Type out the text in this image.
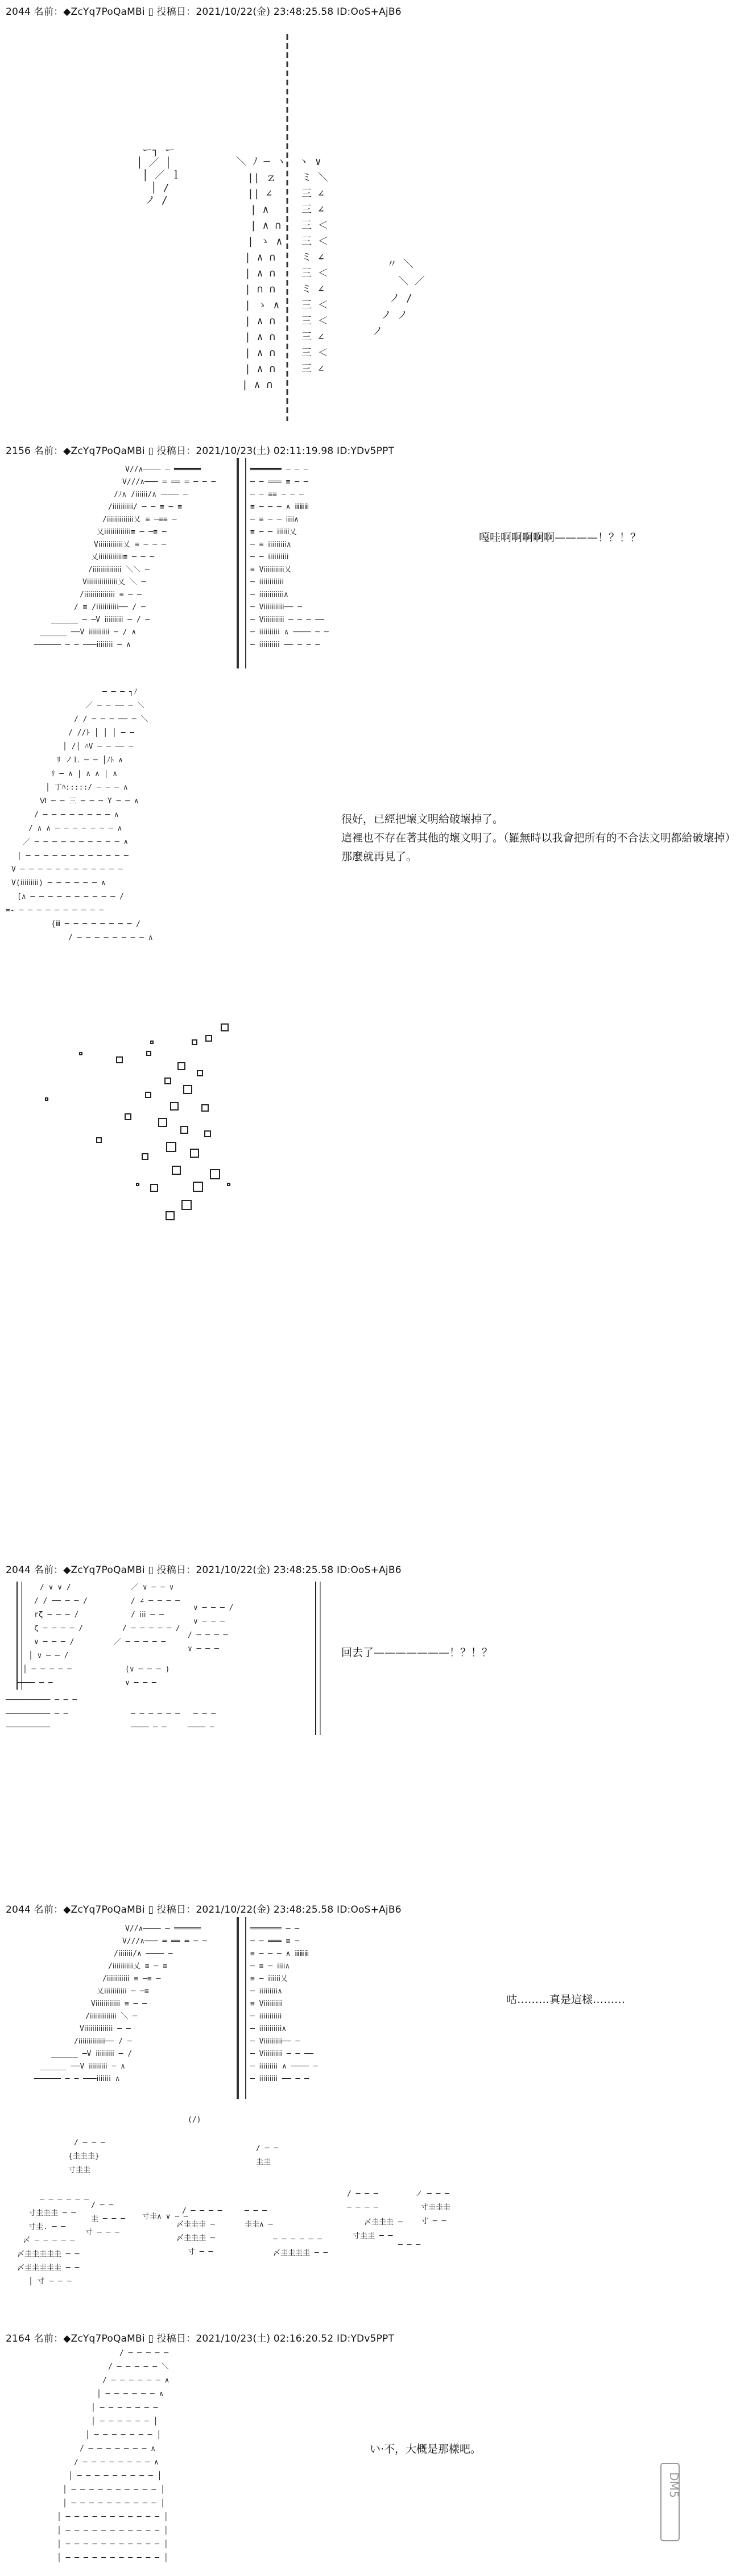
2044 名前：◆ZcYq7PoQaMBi ▯ 投稿日：2021/10/22(金) 23:48:25.58 ID:OoS+AjB6
2156 名前：◆ZcYq7PoQaMBi ▯ 投稿日：2021/10/23(土) 02:11:19.98 ID:YDv5PPT
2044 名前：◆ZcYq7PoQaMBi ▯ 投稿日：2021/10/22(金) 23:48:25.58 ID:OoS+AjB6
2044 名前：◆ZcYq7PoQaMBi ▯ 投稿日：2021/10/22(金) 23:48:25.58 ID:OoS+AjB6
2164 名前：◆ZcYq7PoQaMBi ▯ 投稿日：2021/10/23(土) 02:16:20.52 ID:YDv5PPT
ー┐ ー
│ ／ │
│ ／ ｌ
│ /
ノ /
＼ ﾉ ─ ヽ
|| ｚ
|| ∠
| ∧
| ∧ ∩
| ゝ ∧
| ∧ ∩
| ∧ ∩
| ∩ ∩
| ゝ ∧
| ∧ ∩
| ∧ ∩
| ∧ ∩
| ∧ ∩
| ∧ ∩
ヽ ∨
ミ ＼
三 ∠
三 ∠
三 ＜
三 ＜
ミ ∠
三 ＜
ミ ∠
三 ＜
三 ＜
三 ∠
三 ＜
三 ∠
〃 ＼
＼ ／
ノ /
ノ ノ
ノ
V//∧──── ─ ══════
V///∧─── ═ ══ ═ ─ ─ ─
/ﾉ∧ /ⅰⅰⅰⅰⅰⅰ/∧ ──── ─
/ⅰⅰⅰⅰⅰⅰⅰⅰⅰⅰ/ ─ ─ ≡ ─ ≡
/ⅰⅰⅰⅰⅰⅰⅰⅰⅰⅰⅰⅰⅰ乂 ≡ ─≡≡ ─
乂ⅰⅰⅰⅰⅰⅰⅰⅰⅰⅰⅰⅰⅰ≡ ─ ─≡ ─
Vⅰⅰⅰⅰⅰⅰⅰⅰⅰⅰⅰⅰ乂 ≡ ─ ─ ─
乂ⅰⅰⅰⅰⅰⅰⅰⅰⅰⅰⅰⅰ≡ ─ ─ ─
/ⅰⅰⅰⅰⅰⅰⅰⅰⅰⅰⅰⅰⅰⅰ ＼＼ ─
Vⅰⅰⅰⅰⅰⅰⅰⅰⅰⅰⅰⅰⅰⅰⅰ乂 ＼ ─
/ⅰⅰⅰⅰⅰⅰⅰⅰⅰⅰⅰⅰⅰⅰⅰ ≡ ─ ─
/ ≡ /ⅰⅰⅰⅰⅰⅰⅰⅰⅰⅰⅰ── / ─
______ ─ ─V ⅰⅰⅰⅰⅰⅰⅰⅰⅰ ─ / ─
______ ──V ⅰⅰⅰⅰⅰⅰⅰⅰⅰⅰ ─ / ∧
────── ─ ─ ───ⅰⅰⅰⅰⅰⅰⅰⅰ ─ ∧
═══════ ─ ─ ─
─ ─ ═══ ≡ ─ ─
─ ─ ≡≡ ─ ─ ─
≡ ─ ─ ─ ∧ ⅲⅲⅲ
─ ≡ ─ ─ ⅰⅰⅰⅰ∧
≡ ─ ─ ⅰⅰⅰⅰⅰⅰ乂
─ ≡ ⅰⅰⅰⅰⅰⅰⅰⅰⅰ∧
─ ─ ⅰⅰⅰⅰⅰⅰⅰⅰⅰⅰ
≡ Vⅰⅰⅰⅰⅰⅰⅰⅰⅰⅰ乂
─ ⅰⅰⅰⅰⅰⅰⅰⅰⅰⅰⅰⅰ
─ ⅰⅰⅰⅰⅰⅰⅰⅰⅰⅰⅰⅰ∧
─ Vⅰⅰⅰⅰⅰⅰⅰⅰⅰⅰ── ─
─ Vⅰⅰⅰⅰⅰⅰⅰⅰⅰⅰ ─ ─ ─ ──
─ ⅰⅰⅰⅰⅰⅰⅰⅰⅰⅰ ∧ ──── ─ ─
─ ⅰⅰⅰⅰⅰⅰⅰⅰⅰⅰ ── ─ ─ ─
嘎哇啊啊啊啊啊————！？！？
─ ─ ─ ┐ﾉ
／ ─ ─ ── ─ ＼
/ / ─ ─ ─ ── ─ ＼
/ //ﾄ │ │ │ ─ ─
│ /│ ﾊV ─ ─ ── ─
ﾘ ノＬ ─ ─ │ﾉﾄ ∧
ﾘ ─ ∧ | ∧ ∧ | ∧
│ 丁ﾊ:::::/ ─ ─ ─ ∧
Ⅵ ─ ─ 三 ─ ─ ─ Y ─ ─ ∧
/ ─ ─ ─ ─ ─ ─ ─ ─ ∧
/ ∧ ∧ ─ ─ ─ ─ ─ ─ ─ ∧
／ ─ ─ ─ ─ ─ ─ ─ ─ ─ ─ ∧
| ─ ─ ─ ─ ─ ─ ─ ─ ─ ─ ─ ─
V ─ ─ ─ ─ ─ ─ ─ ─ ─ ─ ─ ─
V(ⅰⅰⅰⅰⅰⅰⅰⅰⅰ) ─ ─ ─ ─ ─ ─ ∧
[∧ ─ ─ ─ ─ ─ ─ ─ ─ ─ ─ /
=- ─ ─ ─ ─ ─ ─ ─ ─ ─ ─
{ⅲ ─ ─ ─ ─ ─ ─ ─ ─ /
/ ─ ─ ─ ─ ─ ─ ─ ─ ∧
很好，已經把壞文明給破壞掉了。
這裡也不存在著其他的壞文明了。（羅無時以我會把所有的不合法文明都給破壞掉）
那麼就再見了。
/ ∨ ∨ /
/ / ── ─ ─ /
rζ ─ ─ ─ /
ζ ─ ─ ─ ─ /
∨ ─ ─ ─ /
│ ∨ ─ ─ /
│ ─ ─ ─ ─ ─
──── ─ ─
────────── ─ ─ ─
────────── ─ ─
──────────
／ ∨ ─ ─ ∨
/ ∠ ─ ─ ─ ─
/ ⅰⅰⅰ ─ ─
/ ─ ─ ─ ─ ─ /
／ ─ ─ ─ ─ ─
(∨ ─ ─ ─ )
∨ ─ ─ ─
─ ─ ─ ─ ─ ─
──── ─ ─
∨ ─ ─ ─ /
∨ ─ ─ ─
/ ─ ─ ─ ─
∨ ─ ─ ─
─ ─ ─
──── ─
回去了———————！？！？
V//∧──── ─ ══════
V///∧─── ═ ══ ═ ─ ─
/ⅰⅰⅰⅰⅰⅰⅰ/∧ ──── ─
/ⅰⅰⅰⅰⅰⅰⅰⅰⅰⅰ乂 ≡ ─ ≡
/ⅰⅰⅰⅰⅰⅰⅰⅰⅰⅰⅰ ≡ ─≡ ─
乂ⅰⅰⅰⅰⅰⅰⅰⅰⅰⅰⅰ ─ ─≡
Vⅰⅰⅰⅰⅰⅰⅰⅰⅰⅰⅰⅰ ≡ ─ ─
/ⅰⅰⅰⅰⅰⅰⅰⅰⅰⅰⅰⅰⅰ ＼ ─
Vⅰⅰⅰⅰⅰⅰⅰⅰⅰⅰⅰⅰⅰⅰ ─ ─
/ⅰⅰⅰⅰⅰⅰⅰⅰⅰⅰⅰⅰⅰ── / ─
______ ─V ⅰⅰⅰⅰⅰⅰⅰⅰⅰ ─ /
______ ──V ⅰⅰⅰⅰⅰⅰⅰⅰⅰ ─ ∧
────── ─ ─ ───ⅰⅰⅰⅰⅰⅰⅰ ∧
═══════ ─ ─
─ ─ ═══ ≡ ─
≡ ─ ─ ─ ∧ ⅲⅲⅲ
─ ≡ ─ ⅰⅰⅰⅰ∧
≡ ─ ⅰⅰⅰⅰⅰⅰ乂
─ ⅰⅰⅰⅰⅰⅰⅰⅰⅰ∧
≡ Vⅰⅰⅰⅰⅰⅰⅰⅰⅰ
─ ⅰⅰⅰⅰⅰⅰⅰⅰⅰⅰⅰ
─ ⅰⅰⅰⅰⅰⅰⅰⅰⅰⅰⅰ∧
─ Vⅰⅰⅰⅰⅰⅰⅰⅰⅰ── ─
─ Vⅰⅰⅰⅰⅰⅰⅰⅰⅰ ─ ─ ──
─ ⅰⅰⅰⅰⅰⅰⅰⅰⅰ ∧ ──── ─
─ ⅰⅰⅰⅰⅰⅰⅰⅰⅰ ── ─ ─
咕………真是這樣………
(/)
/ ─ ─ ─
{圭圭圭}
寸圭圭
/ ─ ─
圭圭
─ ─ ─ ─ ─ ─
寸圭圭圭 ─ ─
寸圭. ─ ─
〆 ─ ─ ─ ─ ─
〆圭圭圭圭圭 ─ ─
〆圭圭圭圭圭 ─ ─
│ 寸 ─ ─ ─
/ ─ ─
圭 ─ ─ ─
寸 ─ ─ ─
寸圭∧ ∨ ─ ─
/ ─ ─ ─ ─
〆圭圭圭 ─
〆圭圭圭 ─
寸 ─ ─
─ ─ ─
圭圭∧ ─
─ ─ ─ ─ ─ ─
〆圭圭圭圭 ─ ─
/ ─ ─ ─
─ ─ ─ ─
〆圭圭圭 ─
寸圭圭 ─ ─
ノ ─ ─ ─
寸圭圭圭
寸 ─ ─
─ ─ ─
/ ─ ─ ─ ─ ─
/ ─ ─ ─ ─ ─ ＼
/ ─ ─ ─ ─ ─ ─ ∧
│ ─ ─ ─ ─ ─ ─ ∧
│ ─ ─ ─ ─ ─ ─ ─
│ ─ ─ ─ ─ ─ ─ │
│ ─ ─ ─ ─ ─ ─ ─ │
/ ─ ─ ─ ─ ─ ─ ─ ∧
/ ─ ─ ─ ─ ─ ─ ─ ─ ∧
│ ─ ─ ─ ─ ─ ─ ─ ─ ─ │
│ ─ ─ ─ ─ ─ ─ ─ ─ ─ ─ │
│ ─ ─ ─ ─ ─ ─ ─ ─ ─ ─ │
│ ─ ─ ─ ─ ─ ─ ─ ─ ─ ─ ─ │
│ ─ ─ ─ ─ ─ ─ ─ ─ ─ ─ ─ │
│ ─ ─ ─ ─ ─ ─ ─ ─ ─ ─ ─ │
│ ─ ─ ─ ─ ─ ─ ─ ─ ─ ─ ─ │
い·不，大概是那樣吧。
DM5
